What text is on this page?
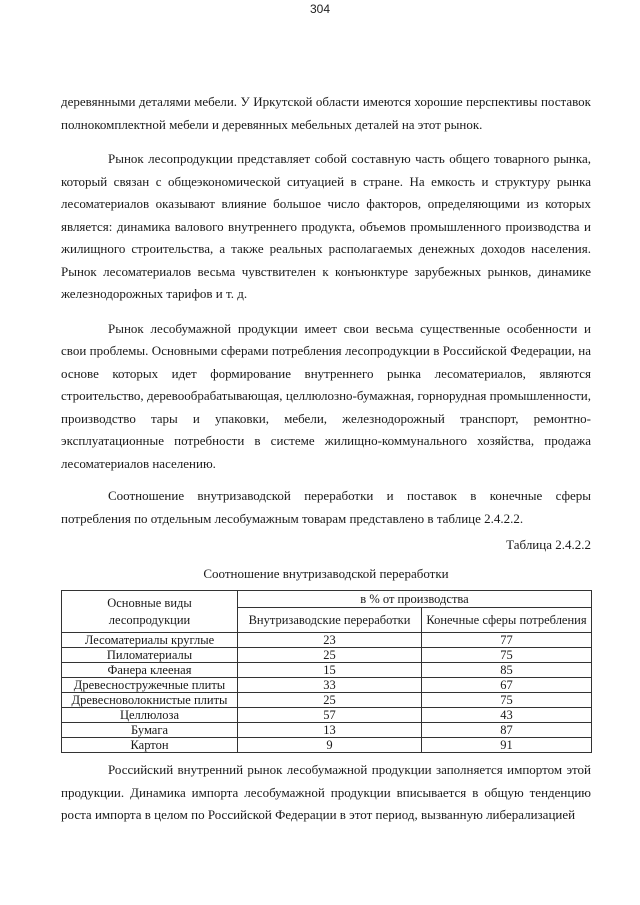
304

деревянными деталями мебели. У Иркутской области имеются хорошие перспективы поставок полнокомплектной мебели и деревянных мебельных деталей на этот рынок.

Рынок лесопродукции представляет собой составную часть общего товарного рынка, который связан с общеэкономической ситуацией в стране. На емкость и структуру рынка лесоматериалов оказывают влияние большое число факторов, определяющими из которых является: динамика валового внутреннего продукта, объемов промышленного производства и жилищного строительства, а также реальных располагаемых денежных доходов населения. Рынок лесоматериалов весьма чувствителен к конъюнктуре зарубежных рынков, динамике железнодорожных тарифов и т. д.

Рынок лесобумажной продукции имеет свои весьма существенные особенности и свои проблемы. Основными сферами потребления лесопродукции в Российской Федерации, на основе которых идет формирование внутреннего рынка лесоматериалов, являются строительство, деревообрабатывающая, целлюлозно-бумажная, горнорудная промышленности, производство тары и упаковки, мебели, железнодорожный транспорт, ремонтно-эксплуатационные потребности в системе жилищно-коммунального хозяйства, продажа лесоматериалов населению.

Соотношение внутризаводской переработки и поставок в конечные сферы потребления по отдельным лесобумажным товарам представлено в таблице 2.4.2.2.

Таблица 2.4.2.2
Соотношение внутризаводской переработки
Основные виды лесопродукции	в % от производства	
	Внутризаводские переработки	Конечные сферы потребления
Лесоматериалы круглые	23	77
Пиломатериалы	25	75
Фанера клееная	15	85
Древесностружечные плиты	33	67
Древесноволокнистые плиты	25	75
Целлюлоза	57	43
Бумага	13	87
Картон	9	91

Российский внутренний рынок лесобумажной продукции заполняется импортом этой продукции. Динамика импорта лесобумажной продукции вписывается в общую тенденцию роста импорта в целом по Российской Федерации в этот период, вызванную либерализацией
